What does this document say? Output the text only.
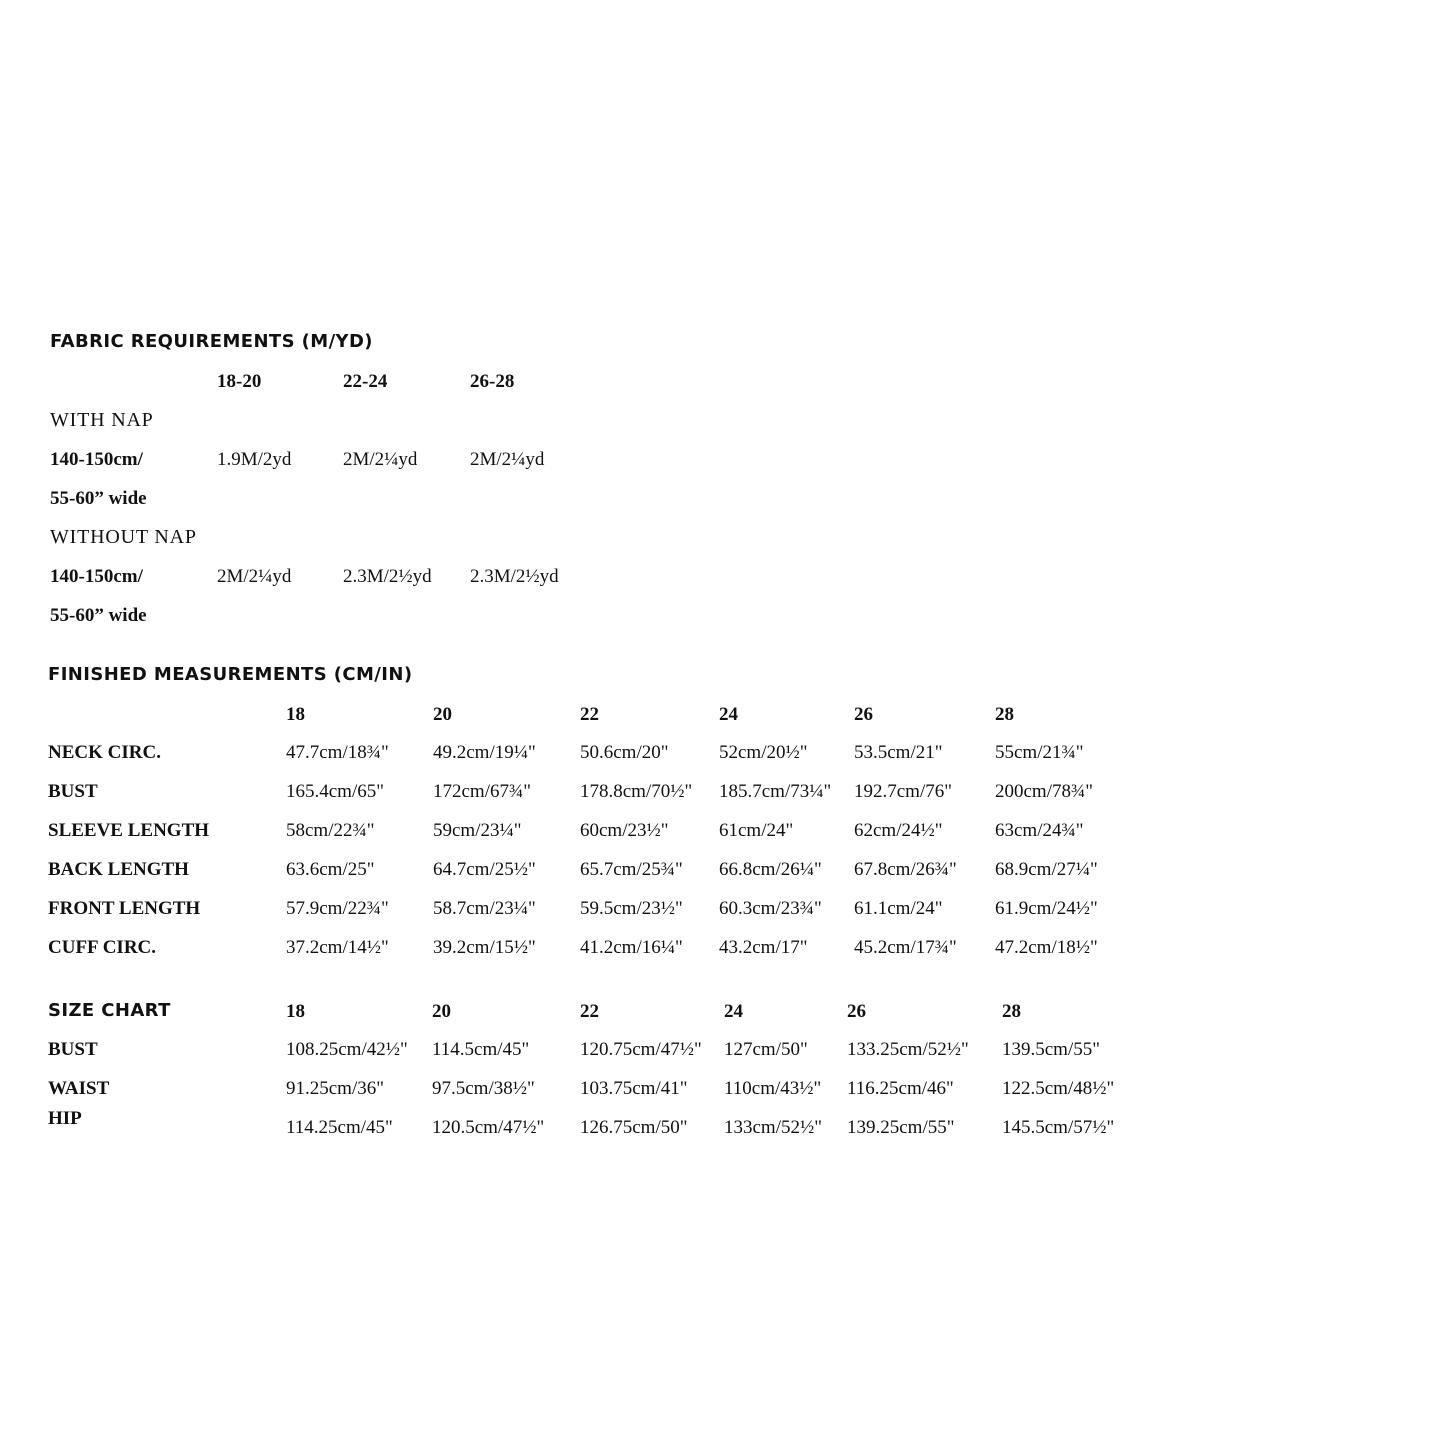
FABRIC REQUIREMENTS (M/YD)
18-20	22-24	26-28
WITH NAP
140-150cm/	1.9M/2yd	2M/2¼yd	2M/2¼yd
55-60” wide
WITHOUT NAP
140-150cm/	2M/2¼yd	2.3M/2½yd 2.3M/2½yd
55-60” wide
FINISHED MEASUREMENTS (CM/IN)
18	20	22	24	26	28
NECK CIRC.	47.7cm/18¾" 49.2cm/19¼" 50.6cm/20"	52cm/20½" 53.5cm/21"	55cm/21¾"
BUST	165.4cm/65"	172cm/67¾"	178.8cm/70½" 185.7cm/73¼" 192.7cm/76" 200cm/78¾"
SLEEVE LENGTH	58cm/22¾"	59cm/23¼"	60cm/23½"	61cm/24"	62cm/24½"	63cm/24¾"
BACK LENGTH	63.6cm/25"	64.7cm/25½" 65.7cm/25¾" 66.8cm/26¼" 67.8cm/26¾" 68.9cm/27¼"
FRONT LENGTH	57.9cm/22¾" 58.7cm/23¼" 59.5cm/23½" 60.3cm/23¾" 61.1cm/24"	61.9cm/24½"
CUFF CIRC.	37.2cm/14½" 39.2cm/15½" 41.2cm/16¼" 43.2cm/17" 45.2cm/17¾" 47.2cm/18½"
SIZE CHART	18	20	22	24	26	28
BUST	108.25cm/42½" 114.5cm/45"	120.75cm/47½" 127cm/50" 133.25cm/52½" 139.5cm/55"
WAIST	91.25cm/36"	97.5cm/38½" 103.75cm/41" 110cm/43½" 116.25cm/46"	122.5cm/48½"
HIP	114.25cm/45" 120.5cm/47½" 126.75cm/50" 133cm/52½" 139.25cm/55"	145.5cm/57½"
